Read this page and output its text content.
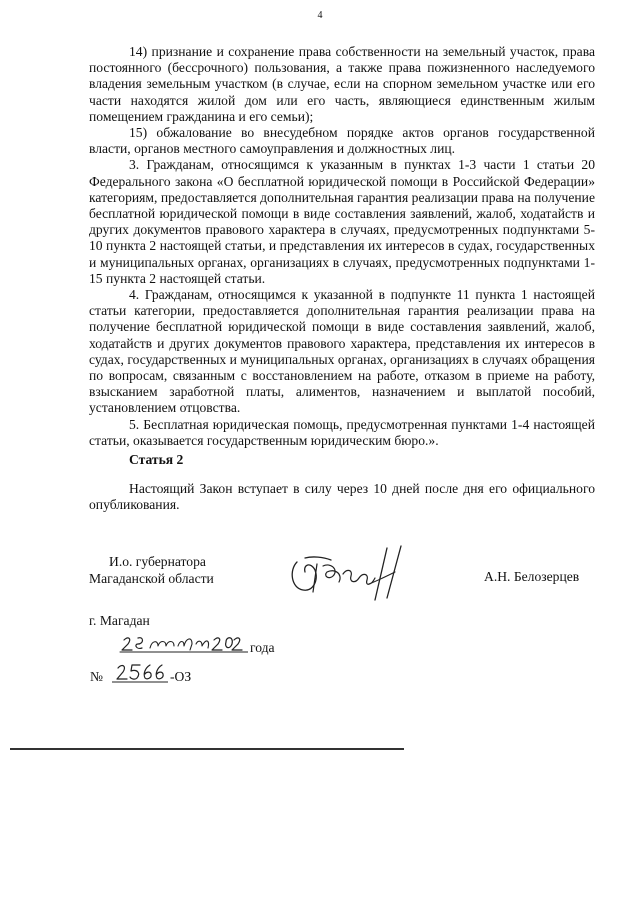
4

14) признание и сохранение права собственности на земельный участок, права постоянного (бессрочного) пользования, а также права пожизненного наследуемого владения земельным участком (в случае, если на спорном земельном участке или его части находятся жилой дом или его часть, являющиеся единственным жилым помещением гражданина и его семьи);

15) обжалование во внесудебном порядке актов органов государственной власти, органов местного самоуправления и должностных лиц.

3. Гражданам, относящимся к указанным в пунктах 1-3 части 1 статьи 20 Федерального закона «О бесплатной юридической помощи в Российской Федерации» категориям, предоставляется дополнительная гарантия реализации права на получение бесплатной юридической помощи в виде составления заявлений, жалоб, ходатайств и других документов правового характера в случаях, предусмотренных подпунктами 5-10 пункта 2 настоящей статьи, и представления их интересов в судах, государственных и муниципальных органах, организациях в случаях, предусмотренных подпунктами 1-15 пункта 2 настоящей статьи.

4. Гражданам, относящимся к указанной в подпункте 11 пункта 1 настоящей статьи категории, предоставляется дополнительная гарантия реализации права на получение бесплатной юридической помощи в виде составления заявлений, жалоб, ходатайств и других документов правового характера, представления их интересов в судах, государственных и муниципальных органах, организациях в случаях обращения по вопросам, связанным с восстановлением на работе, отказом в приеме на работу, взысканием заработной платы, алиментов, назначением и выплатой пособий, установлением отцовства.

5. Бесплатная юридическая помощь, предусмотренная пунктами 1-4 настоящей статьи, оказывается государственным юридическим бюро.».

Статья 2

Настоящий Закон вступает в силу через 10 дней после дня его официального опубликования.

И.о. губернатора
Магаданской области	А.Н. Белозерцев
г. Магадан
года
№	-ОЗ
